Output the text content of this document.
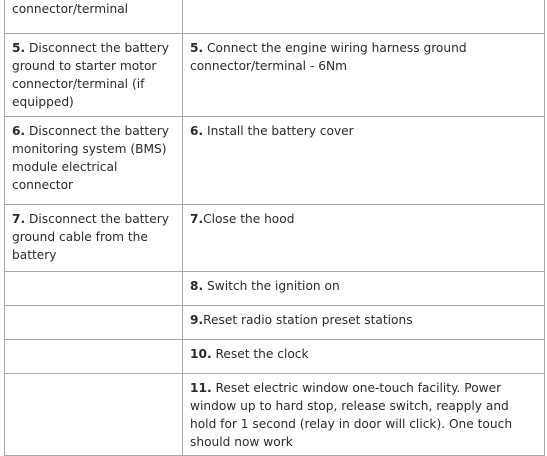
connector/terminal	
5. Disconnect the battery ground to starter motor connector/terminal (if equipped)	5. Connect the engine wiring harness ground connector/terminal - 6Nm
6. Disconnect the battery monitoring system (BMS) module electrical connector	6. Install the battery cover
7. Disconnect the battery ground cable from the battery	7.Close the hood
	8. Switch the ignition on
	9.Reset radio station preset stations
	10. Reset the clock
	11. Reset electric window one-touch facility. Power window up to hard stop, release switch, reapply and hold for 1 second (relay in door will click). One touch should now work
